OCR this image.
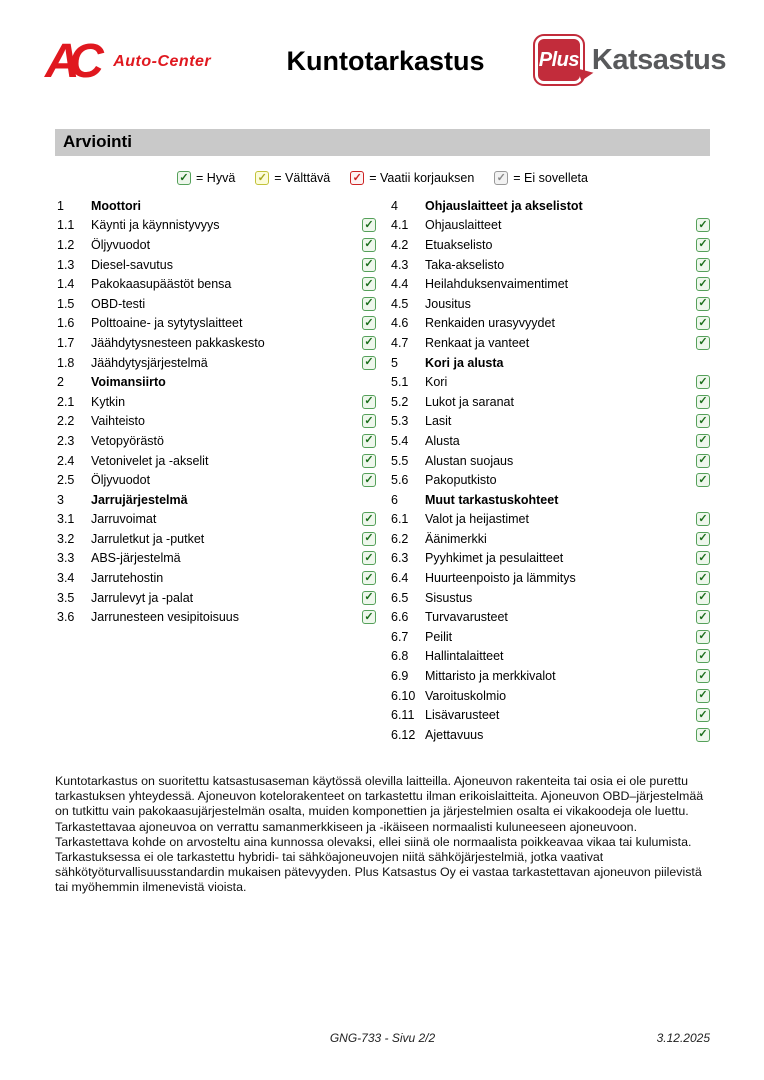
AC	Auto-Center	Kuntotarkastus	Plus Katsastus
Arviointi
✓ = Hyvä ✓ = Välttävä ✓ = Vaatii korjauksen ✓ = Ei sovelleta
1	Moottori
1.1	Käynti ja käynnistyvyys	✓
1.2	Öljyvuodot	✓
1.3	Diesel-savutus	✓
1.4	Pakokaasupäästöt bensa	✓
1.5	OBD-testi	✓
1.6	Polttoaine- ja sytytyslaitteet	✓
1.7	Jäähdytysnesteen pakkaskesto	✓
1.8	Jäähdytysjärjestelmä	✓
2	Voimansiirto
2.1	Kytkin	✓
2.2	Vaihteisto	✓
2.3	Vetopyörästö	✓
2.4	Vetonivelet ja -akselit	✓
2.5	Öljyvuodot	✓
3	Jarrujärjestelmä
3.1	Jarruvoimat	✓
3.2	Jarruletkut ja -putket	✓
3.3	ABS-järjestelmä	✓
3.4	Jarrutehostin	✓
3.5	Jarrulevyt ja -palat	✓
3.6	Jarrunesteen vesipitoisuus	✓
4	Ohjauslaitteet ja akselistot
4.1	Ohjauslaitteet	✓
4.2	Etuakselisto	✓
4.3	Taka-akselisto	✓
4.4	Heilahduksenvaimentimet	✓
4.5	Jousitus	✓
4.6	Renkaiden urasyvyydet	✓
4.7	Renkaat ja vanteet	✓
5	Kori ja alusta
5.1	Kori	✓
5.2	Lukot ja saranat	✓
5.3	Lasit	✓
5.4	Alusta	✓
5.5	Alustan suojaus	✓
5.6	Pakoputkisto	✓
6	Muut tarkastuskohteet
6.1	Valot ja heijastimet	✓
6.2	Äänimerkki	✓
6.3	Pyyhkimet ja pesulaitteet	✓
6.4	Huurteenpoisto ja lämmitys	✓
6.5	Sisustus	✓
6.6	Turvavarusteet	✓
6.7	Peilit	✓
6.8	Hallintalaitteet	✓
6.9	Mittaristo ja merkkivalot	✓
6.10 Varoituskolmio	✓
6.11 Lisävarusteet	✓
6.12 Ajettavuus	✓

Kuntotarkastus on suoritettu katsastusaseman käytössä olevilla laitteilla. Ajoneuvon rakenteita tai osia ei ole purettu tarkastuksen yhteydessä. Ajoneuvon kotelorakenteet on tarkastettu ilman erikoislaitteita. Ajoneuvon OBD–järjestelmää on tutkittu vain pakokaasujärjestelmän osalta, muiden komponettien ja järjestelmien osalta ei vikakoodeja ole luettu. Tarkastettavaa ajoneuvoa on verrattu samanmerkkiseen ja -ikäiseen normaalisti kuluneeseen ajoneuvoon. Tarkastettava kohde on arvosteltu aina kunnossa olevaksi, ellei siinä ole normaalista poikkeavaa vikaa tai kulumista. Tarkastuksessa ei ole tarkastettu hybridi- tai sähköajoneuvojen niitä sähköjärjestelmiä, jotka vaativat sähkötyöturvallisuusstandardin mukaisen pätevyyden. Plus Katsastus Oy ei vastaa tarkastettavan ajoneuvon piilevistä tai myöhemmin ilmenevistä vioista.

GNG-733 - Sivu 2/2	3.12.2025
